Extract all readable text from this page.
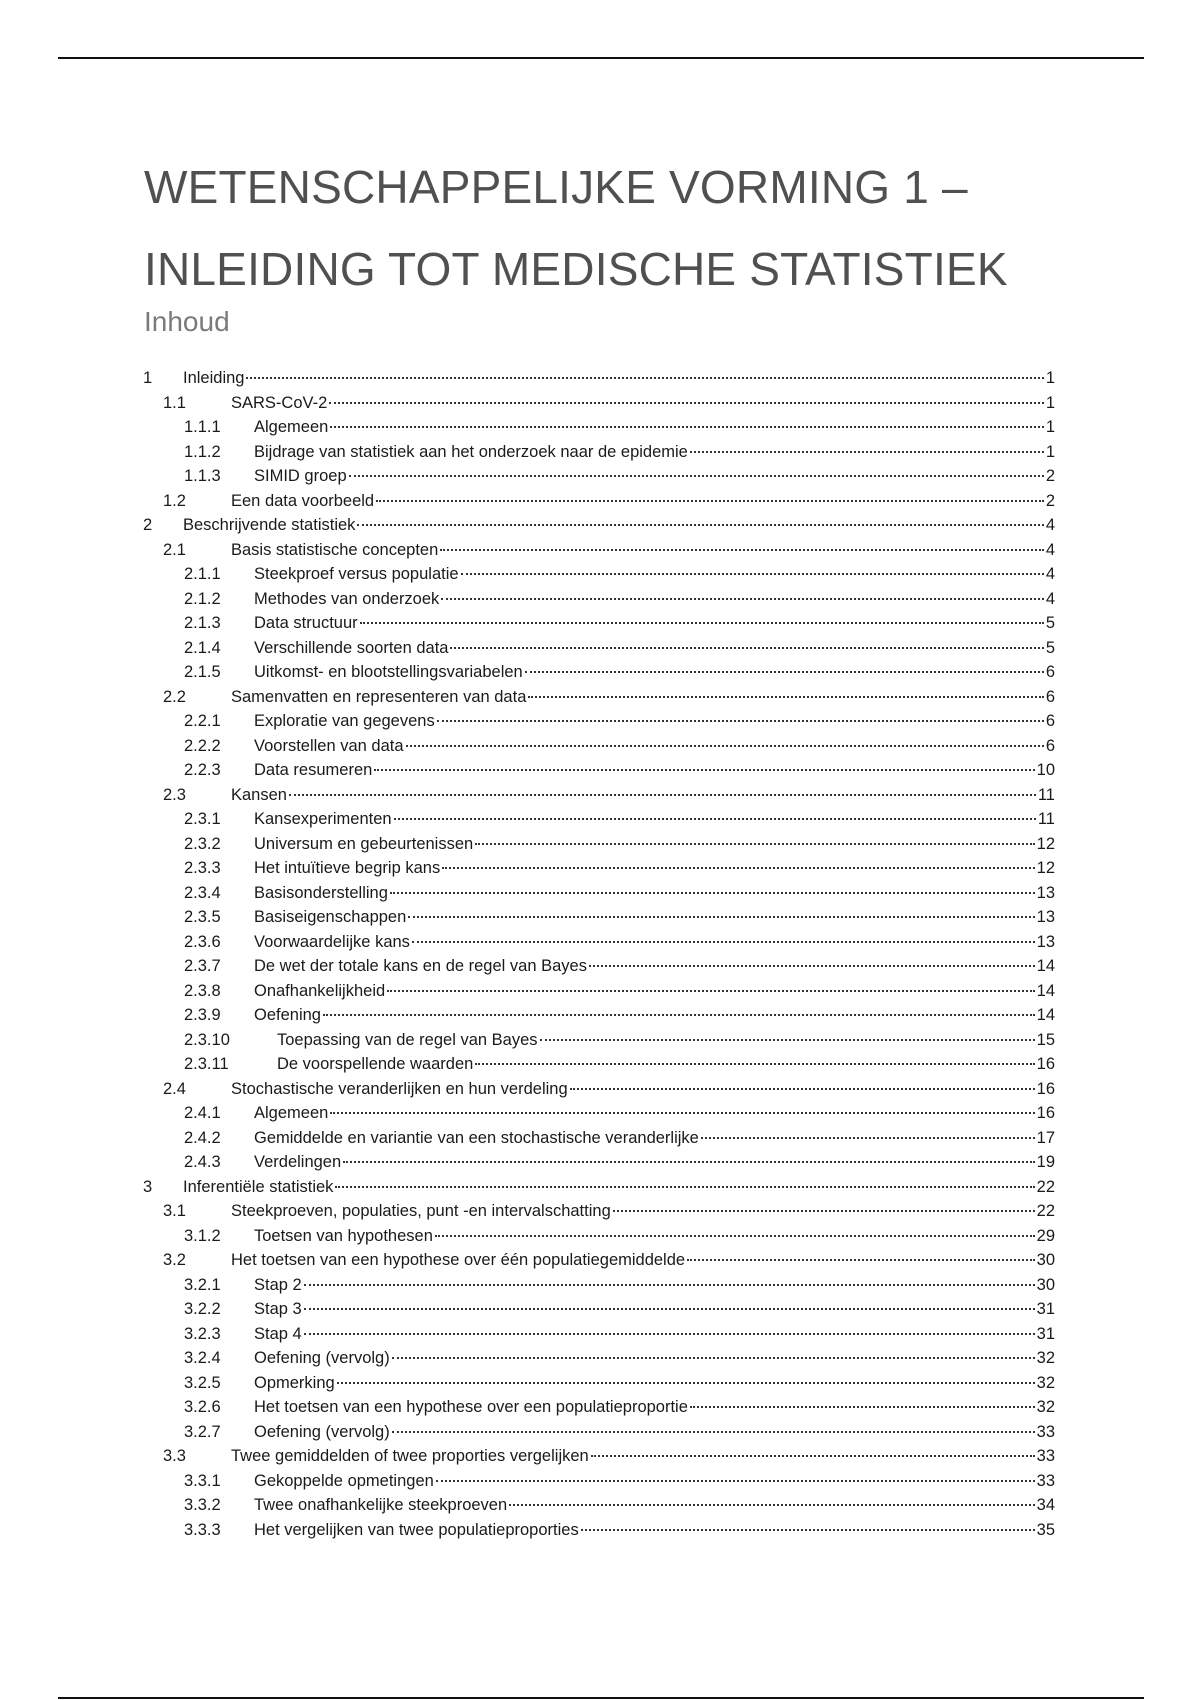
WETENSCHAPPELIJKE VORMING 1 –
INLEIDING TOT MEDISCHE STATISTIEK
Inhoud
1	Inleiding	1
1.1	SARS-CoV-2	1
1.1.1	Algemeen	1
1.1.2	Bijdrage van statistiek aan het onderzoek naar de epidemie	1
1.1.3	SIMID groep	2
1.2	Een data voorbeeld	2
2	Beschrijvende statistiek	4
2.1	Basis statistische concepten	4
2.1.1	Steekproef versus populatie	4
2.1.2	Methodes van onderzoek	4
2.1.3	Data structuur	5
2.1.4	Verschillende soorten data	5
2.1.5	Uitkomst- en blootstellingsvariabelen	6
2.2	Samenvatten en representeren van data	6
2.2.1	Exploratie van gegevens	6
2.2.2	Voorstellen van data	6
2.2.3	Data resumeren	10
2.3	Kansen	11
2.3.1	Kansexperimenten	11
2.3.2	Universum en gebeurtenissen	12
2.3.3	Het intuïtieve begrip kans	12
2.3.4	Basisonderstelling	13
2.3.5	Basiseigenschappen	13
2.3.6	Voorwaardelijke kans	13
2.3.7	De wet der totale kans en de regel van Bayes	14
2.3.8	Onafhankelijkheid	14
2.3.9	Oefening	14
2.3.10	Toepassing van de regel van Bayes	15
2.3.11	De voorspellende waarden	16
2.4	Stochastische veranderlijken en hun verdeling	16
2.4.1	Algemeen	16
2.4.2	Gemiddelde en variantie van een stochastische veranderlijke	17
2.4.3	Verdelingen	19
3	Inferentiële statistiek	22
3.1	Steekproeven, populaties, punt -en intervalschatting	22
3.1.2	Toetsen van hypothesen	29
3.2	Het toetsen van een hypothese over één populatiegemiddelde	30
3.2.1	Stap 2	30
3.2.2	Stap 3	31
3.2.3	Stap 4	31
3.2.4	Oefening (vervolg)	32
3.2.5	Opmerking	32
3.2.6	Het toetsen van een hypothese over een populatieproportie	32
3.2.7	Oefening (vervolg)	33
3.3	Twee gemiddelden of twee proporties vergelijken	33
3.3.1	Gekoppelde opmetingen	33
3.3.2	Twee onafhankelijke steekproeven	34
3.3.3	Het vergelijken van twee populatieproporties	35
